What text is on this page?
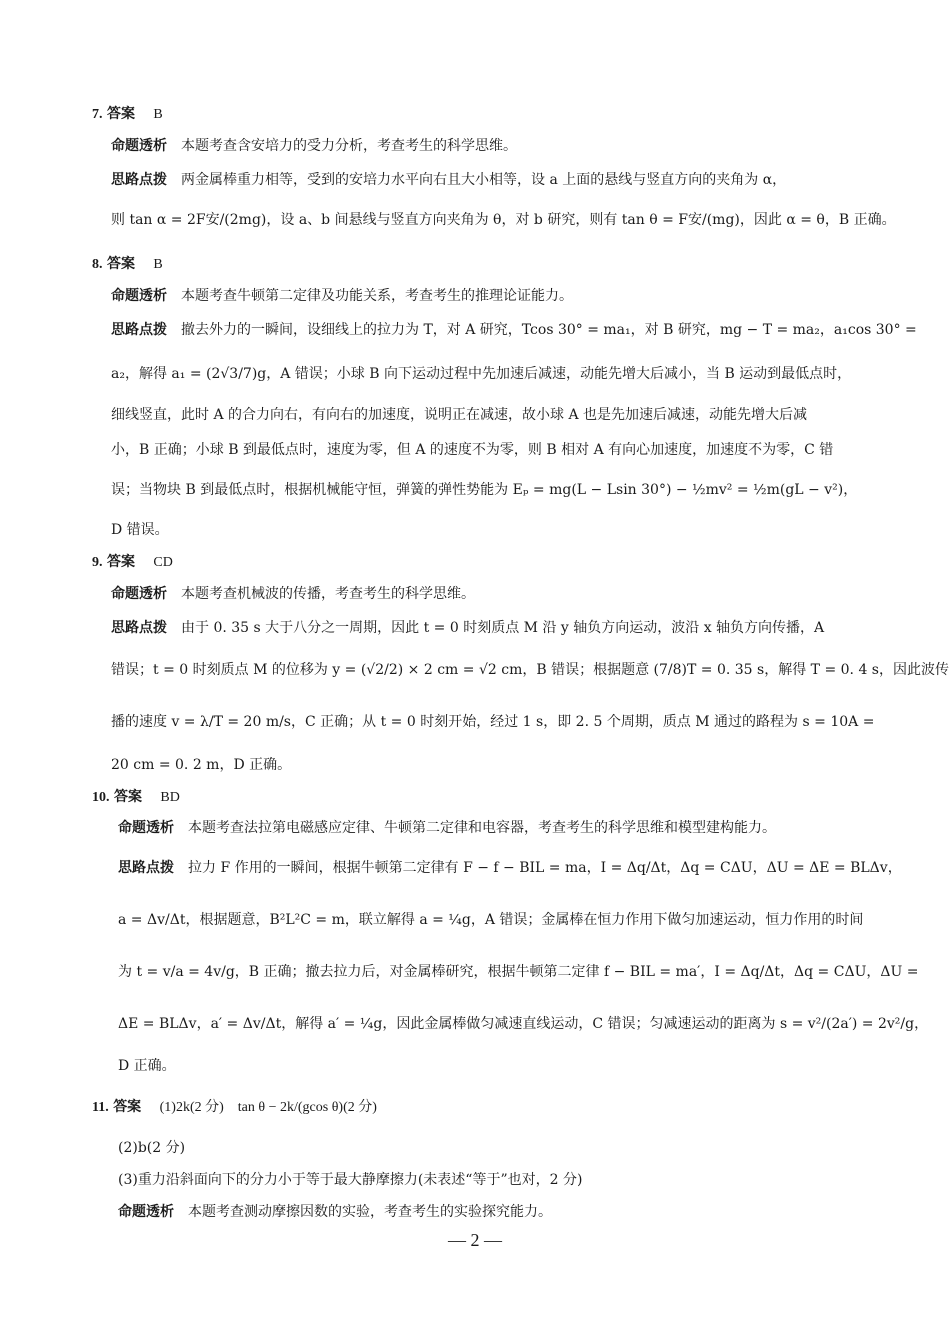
7. 答案 B
命题透析 本题考查含安培力的受力分析，考查考生的科学思维。
思路点拨 两金属棒重力相等，受到的安培力水平向右且大小相等，设 a 上面的悬线与竖直方向的夹角为 α，
则 tan α = 2F安/(2mg)，设 a、b 间悬线与竖直方向夹角为 θ，对 b 研究，则有 tan θ = F安/(mg)，因此 α = θ，B 正确。
8. 答案 B
命题透析 本题考查牛顿第二定律及功能关系，考查考生的推理论证能力。
思路点拨 撤去外力的一瞬间，设细线上的拉力为 T，对 A 研究，Tcos 30° = ma₁，对 B 研究，mg − T = ma₂，a₁cos 30° =
a₂，解得 a₁ = (2√3/7)g，A 错误；小球 B 向下运动过程中先加速后减速，动能先增大后减小，当 B 运动到最低点时，
细线竖直，此时 A 的合力向右，有向右的加速度，说明正在减速，故小球 A 也是先加速后减速，动能先增大后减
小，B 正确；小球 B 到最低点时，速度为零，但 A 的速度不为零，则 B 相对 A 有向心加速度，加速度不为零，C 错
误；当物块 B 到最低点时，根据机械能守恒，弹簧的弹性势能为 Eₚ = mg(L − Lsin 30°) − ½mv² = ½m(gL − v²)，
D 错误。
9. 答案 CD
命题透析 本题考查机械波的传播，考查考生的科学思维。
思路点拨 由于 0. 35 s 大于八分之一周期，因此 t = 0 时刻质点 M 沿 y 轴负方向运动，波沿 x 轴负方向传播，A
错误；t = 0 时刻质点 M 的位移为 y = (√2/2) × 2 cm = √2 cm，B 错误；根据题意 (7/8)T = 0. 35 s，解得 T = 0. 4 s，因此波传
播的速度 v = λ/T = 20 m/s，C 正确；从 t = 0 时刻开始，经过 1 s，即 2. 5 个周期，质点 M 通过的路程为 s = 10A =
20 cm = 0. 2 m，D 正确。
10. 答案 BD
命题透析 本题考查法拉第电磁感应定律、牛顿第二定律和电容器，考查考生的科学思维和模型建构能力。
思路点拨 拉力 F 作用的一瞬间，根据牛顿第二定律有 F − f − BIL = ma，I = Δq/Δt，Δq = CΔU，ΔU = ΔE = BLΔv，
a = Δv/Δt，根据题意，B²L²C = m，联立解得 a = ¼g，A 错误；金属棒在恒力作用下做匀加速运动，恒力作用的时间
为 t = v/a = 4v/g，B 正确；撤去拉力后，对金属棒研究，根据牛顿第二定律 f − BIL = ma′，I = Δq/Δt，Δq = CΔU，ΔU =
ΔE = BLΔv，a′ = Δv/Δt，解得 a′ = ¼g，因此金属棒做匀减速直线运动，C 错误；匀减速运动的距离为 s = v²/(2a′) = 2v²/g，
D 正确。
11. 答案 (1)2k(2 分)　tan θ − 2k/(gcos θ)(2 分)
(2)b(2 分)
(3)重力沿斜面向下的分力小于等于最大静摩擦力(未表述“等于”也对，2 分)
命题透析 本题考查测动摩擦因数的实验，考查考生的实验探究能力。
— 2 —
